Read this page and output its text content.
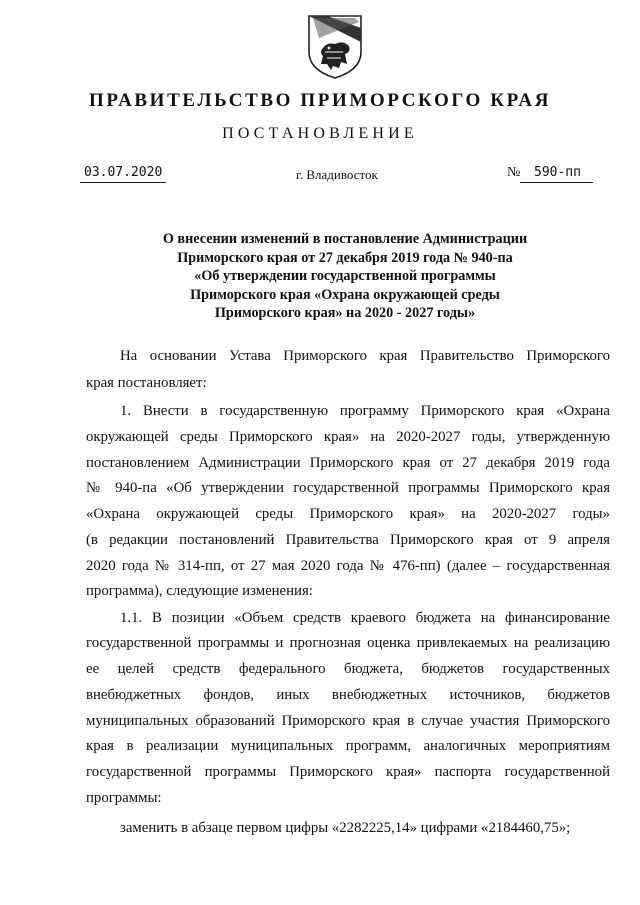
ПРАВИТЕЛЬСТВО ПРИМОРСКОГО КРАЯ
ПОСТАНОВЛЕНИЕ
03.07.2020	г. Владивосток	№ 590-пп
О внесении изменений в постановление Администрации
Приморского края от 27 декабря 2019 года № 940-па
«Об утверждении государственной программы
Приморского края «Охрана окружающей среды
Приморского края» на 2020 - 2027 годы»
На основании Устава Приморского края Правительство Приморского
края постановляет:
1. Внести в государственную программу Приморского края «Охрана
окружающей среды Приморского края» на 2020-2027 годы, утвержденную
постановлением Администрации Приморского края от 27 декабря 2019 года
№ 940-па «Об утверждении государственной программы Приморского края
«Охрана окружающей среды Приморского края» на 2020-2027 годы»
(в редакции постановлений Правительства Приморского края от 9 апреля
2020 года № 314-пп, от 27 мая 2020 года № 476-пп) (далее – государственная
программа), следующие изменения:
1.1. В позиции «Объем средств краевого бюджета на финансирование
государственной программы и прогнозная оценка привлекаемых на реализацию
ее целей средств федерального бюджета, бюджетов государственных
внебюджетных фондов, иных внебюджетных источников, бюджетов
муниципальных образований Приморского края в случае участия Приморского
края в реализации муниципальных программ, аналогичных мероприятиям
государственной программы Приморского края» паспорта государственной
программы:
заменить в абзаце первом цифры «2282225,14» цифрами «2184460,75»;
